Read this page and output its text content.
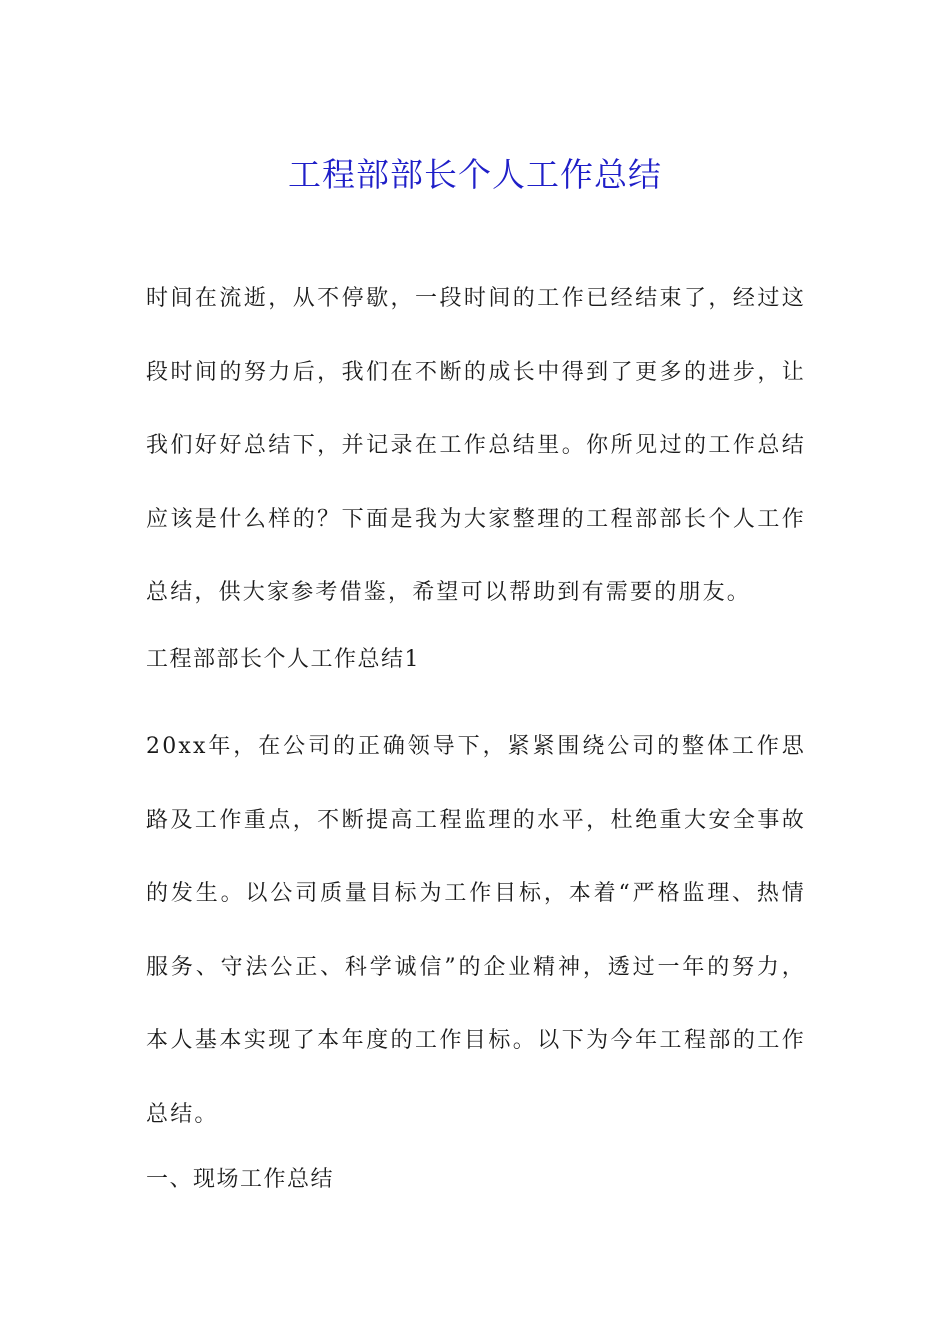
工程部部长个人工作总结
时间在流逝，从不停歇，一段时间的工作已经结束了，经过这段时间的努力后，我们在不断的成长中得到了更多的进步，让我们好好总结下，并记录在工作总结里。你所见过的工作总结应该是什么样的？下面是我为大家整理的工程部部长个人工作总结，供大家参考借鉴，希望可以帮助到有需要的朋友。
工程部部长个人工作总结1
20xx年，在公司的正确领导下，紧紧围绕公司的整体工作思路及工作重点，不断提高工程监理的水平，杜绝重大安全事故的发生。以公司质量目标为工作目标，本着“严格监理、热情服务、守法公正、科学诚信”的企业精神，透过一年的努力，本人基本实现了本年度的工作目标。以下为今年工程部的工作总结。
一、现场工作总结
